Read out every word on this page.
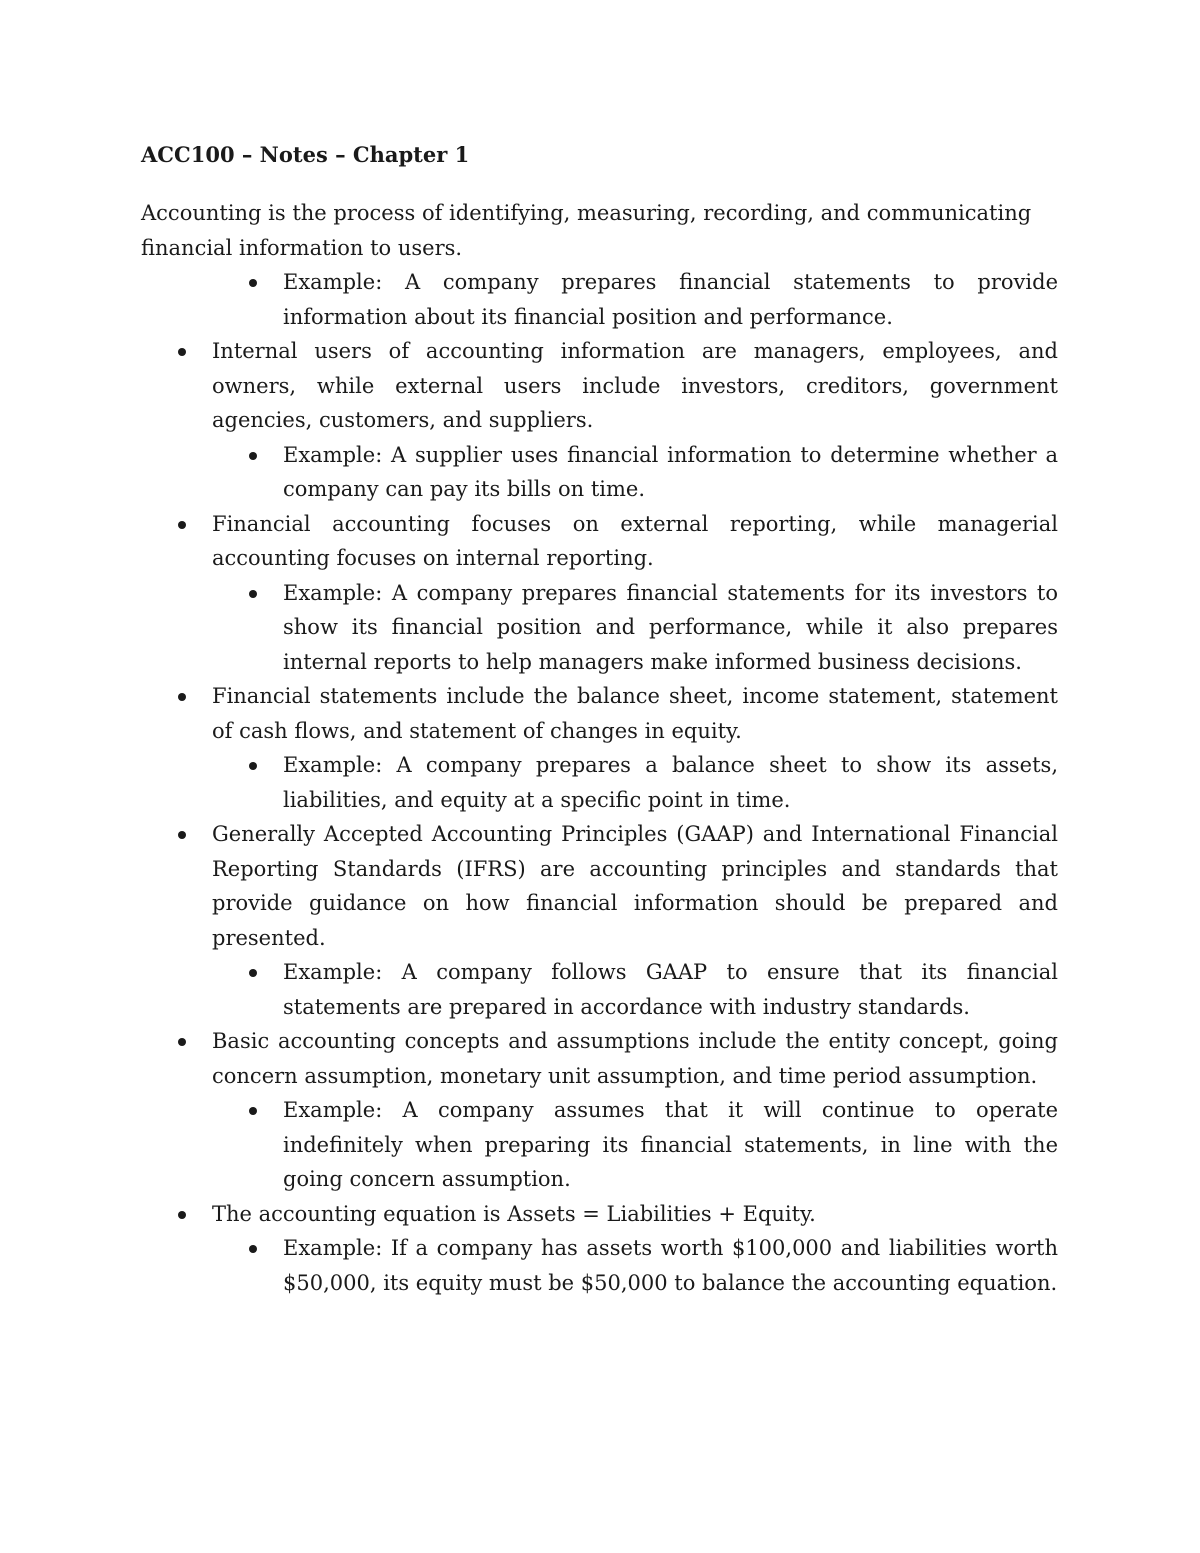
ACC100 – Notes – Chapter 1

Accounting is the process of identifying, measuring, recording, and communicating financial information to users.

Example: A company prepares financial statements to provide information about its financial position and performance.
Internal users of accounting information are managers, employees, and owners, while external users include investors, creditors, government agencies, customers, and suppliers.
Example: A supplier uses financial information to determine whether a company can pay its bills on time.
Financial accounting focuses on external reporting, while managerial accounting focuses on internal reporting.
Example: A company prepares financial statements for its investors to show its financial position and performance, while it also prepares internal reports to help managers make informed business decisions.
Financial statements include the balance sheet, income statement, statement of cash flows, and statement of changes in equity.
Example: A company prepares a balance sheet to show its assets, liabilities, and equity at a specific point in time.
Generally Accepted Accounting Principles (GAAP) and International Financial Reporting Standards (IFRS) are accounting principles and standards that provide guidance on how financial information should be prepared and presented.
Example: A company follows GAAP to ensure that its financial statements are prepared in accordance with industry standards.
Basic accounting concepts and assumptions include the entity concept, going concern assumption, monetary unit assumption, and time period assumption.
Example: A company assumes that it will continue to operate indefinitely when preparing its financial statements, in line with the going concern assumption.
The accounting equation is Assets = Liabilities + Equity.
Example: If a company has assets worth $100,000 and liabilities worth $50,000, its equity must be $50,000 to balance the accounting equation.
